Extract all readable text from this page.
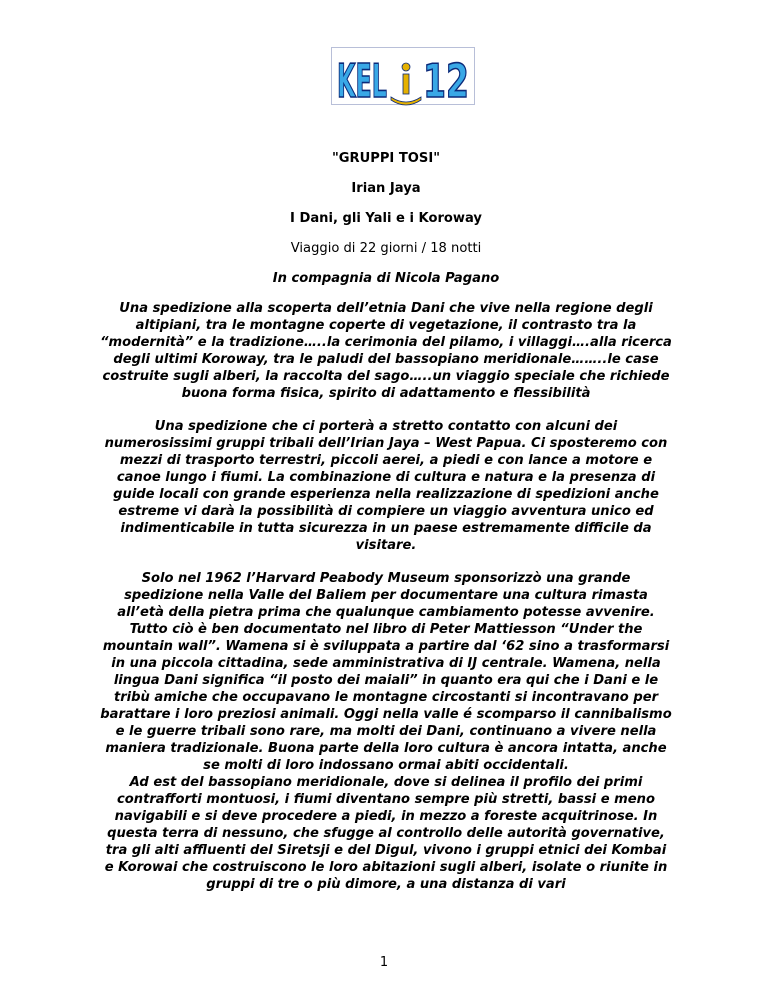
KEL 12
"GRUPPI TOSI"
Irian Jaya
I Dani, gli Yali e i Koroway
Viaggio di 22 giorni / 18 notti
In compagnia di Nicola Pagano

Una spedizione alla scoperta dell’etnia Dani che vive nella regione degli altipiani, tra le montagne coperte di vegetazione, il contrasto tra la “modernità” e la tradizione…..la cerimonia del pilamo, i villaggi….alla ricerca degli ultimi Koroway, tra le paludi del bassopiano meridionale……..le case costruite sugli alberi, la raccolta del sago…..un viaggio speciale che richiede buona forma fisica, spirito di adattamento e flessibilità

Una spedizione che ci porterà a stretto contatto con alcuni dei numerosissimi gruppi tribali dell’Irian Jaya – West Papua. Ci sposteremo con mezzi di trasporto terrestri, piccoli aerei, a piedi e con lance a motore e canoe lungo i fiumi. La combinazione di cultura e natura e la presenza di guide locali con grande esperienza nella realizzazione di spedizioni anche estreme vi darà la possibilità di compiere un viaggio avventura unico ed indimenticabile in tutta sicurezza in un paese estremamente difficile da visitare.

Solo nel 1962 l’Harvard Peabody Museum sponsorizzò una grande spedizione nella Valle del Baliem per documentare una cultura rimasta all’età della pietra prima che qualunque cambiamento potesse avvenire. Tutto ciò è ben documentato nel libro di Peter Mattiesson “Under the mountain wall”. Wamena si è sviluppata a partire dal ‘62 sino a trasformarsi in una piccola cittadina, sede amministrativa di IJ centrale. Wamena, nella lingua Dani significa “il posto dei maiali” in quanto era qui che i Dani e le tribù amiche che occupavano le montagne circostanti si incontravano per barattare i loro preziosi animali. Oggi nella valle é scomparso il cannibalismo e le guerre tribali sono rare, ma molti dei Dani, continuano a vivere nella maniera tradizionale. Buona parte della loro cultura è ancora intatta, anche se molti di loro indossano ormai abiti occidentali.

Ad est del bassopiano meridionale, dove si delinea il profilo dei primi contrafforti montuosi, i fiumi diventano sempre più stretti, bassi e meno navigabili e si deve procedere a piedi, in mezzo a foreste acquitrinose. In questa terra di nessuno, che sfugge al controllo delle autorità governative, tra gli alti affluenti del Siretsji e del Digul, vivono i gruppi etnici dei Kombai e Korowai che costruiscono le loro abitazioni sugli alberi, isolate o riunite in gruppi di tre o più dimore, a una distanza di vari

1
